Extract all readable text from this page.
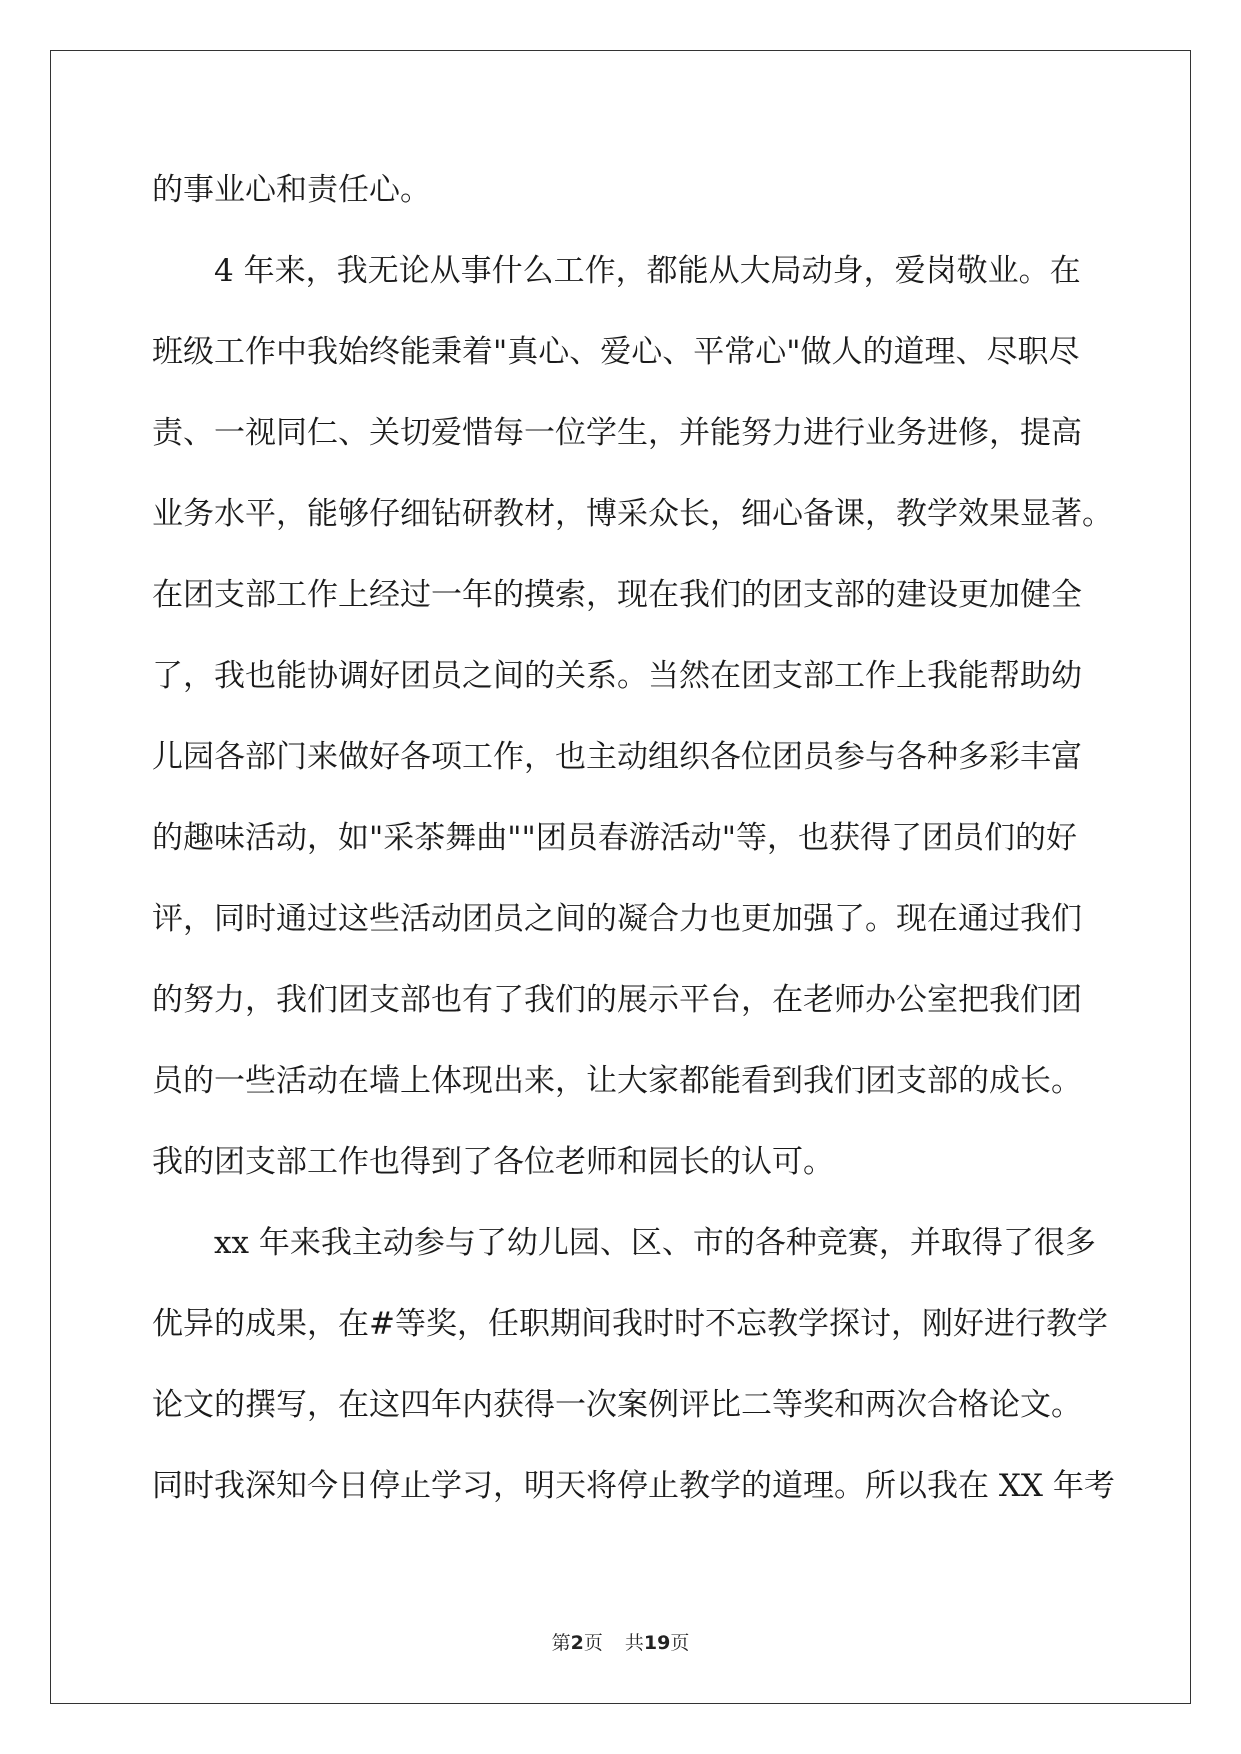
的事业心和责任心。
4 年来，我无论从事什么工作，都能从大局动身，爱岗敬业。在
班级工作中我始终能秉着"真心、爱心、平常心"做人的道理、尽职尽
责、一视同仁、关切爱惜每一位学生，并能努力进行业务进修，提高
业务水平，能够仔细钻研教材，博采众长，细心备课，教学效果显著。
在团支部工作上经过一年的摸索，现在我们的团支部的建设更加健全
了，我也能协调好团员之间的关系。当然在团支部工作上我能帮助幼
儿园各部门来做好各项工作，也主动组织各位团员参与各种多彩丰富
的趣味活动，如"采茶舞曲""团员春游活动"等，也获得了团员们的好
评，同时通过这些活动团员之间的凝合力也更加强了。现在通过我们
的努力，我们团支部也有了我们的展示平台，在老师办公室把我们团
员的一些活动在墙上体现出来，让大家都能看到我们团支部的成长。
我的团支部工作也得到了各位老师和园长的认可。
xx 年来我主动参与了幼儿园、区、市的各种竞赛，并取得了很多
优异的成果，在#等奖，任职期间我时时不忘教学探讨，刚好进行教学
论文的撰写，在这四年内获得一次案例评比二等奖和两次合格论文。
同时我深知今日停止学习，明天将停止教学的道理。所以我在 XX 年考
第2页 共19页
